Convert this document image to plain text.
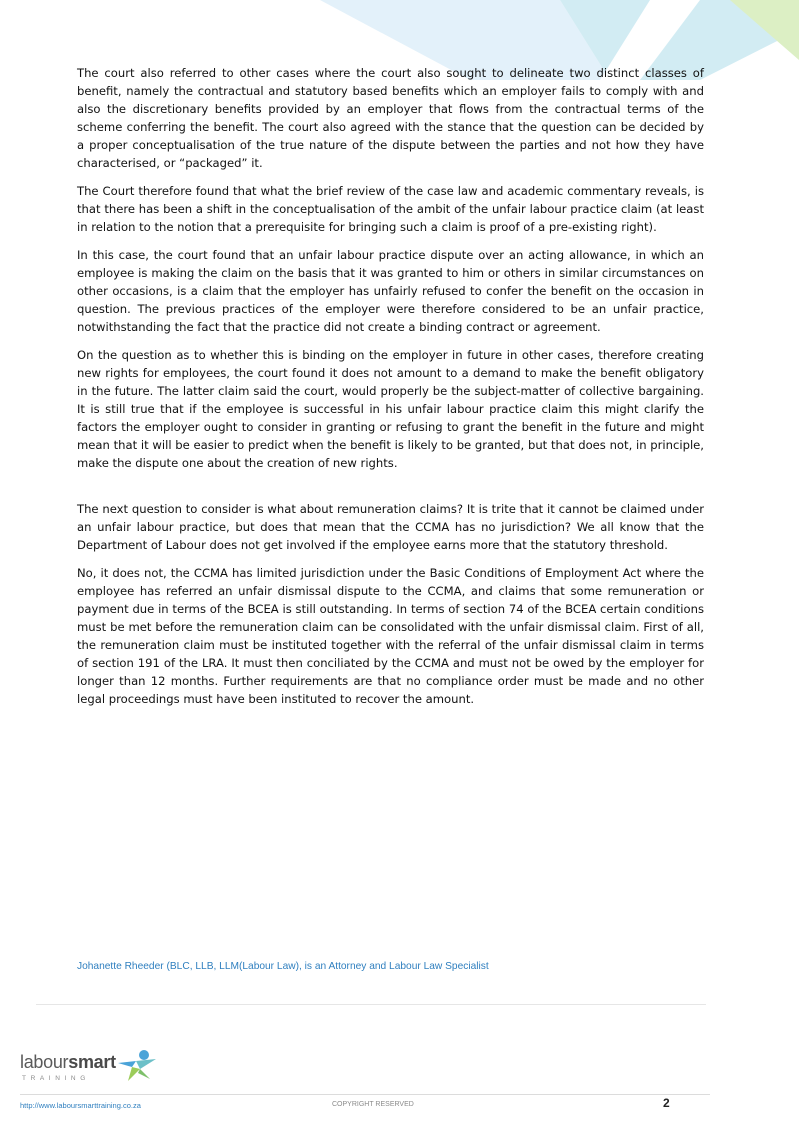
The court also referred to other cases where the court also sought to delineate two distinct classes of benefit, namely the contractual and statutory based benefits which an employer fails to comply with and also the discretionary benefits provided by an employer that flows from the contractual terms of the scheme conferring the benefit. The court also agreed with the stance that the question can be decided by a proper conceptualisation of the true nature of the dispute between the parties and not how they have characterised, or “packaged” it.

The Court therefore found that what the brief review of the case law and academic commentary reveals, is that there has been a shift in the conceptualisation of the ambit of the unfair labour practice claim (at least in relation to the notion that a prerequisite for bringing such a claim is proof of a pre-existing right).

In this case, the court found that an unfair labour practice dispute over an acting allowance, in which an employee is making the claim on the basis that it was granted to him or others in similar circumstances on other occasions, is a claim that the employer has unfairly refused to confer the benefit on the occasion in question. The previous practices of the employer were therefore considered to be an unfair practice, notwithstanding the fact that the practice did not create a binding contract or agreement.

On the question as to whether this is binding on the employer in future in other cases, therefore creating new rights for employees, the court found it does not amount to a demand to make the benefit obligatory in the future. The latter claim said the court, would properly be the subject-matter of collective bargaining. It is still true that if the employee is successful in his unfair labour practice claim this might clarify the factors the employer ought to consider in granting or refusing to grant the benefit in the future and might mean that it will be easier to predict when the benefit is likely to be granted, but that does not, in principle, make the dispute one about the creation of new rights.

The next question to consider is what about remuneration claims? It is trite that it cannot be claimed under an unfair labour practice, but does that mean that the CCMA has no jurisdiction? We all know that the Department of Labour does not get involved if the employee earns more that the statutory threshold.

No, it does not, the CCMA has limited jurisdiction under the Basic Conditions of Employment Act where the employee has referred an unfair dismissal dispute to the CCMA, and claims that some remuneration or payment due in terms of the BCEA is still outstanding. In terms of section 74 of the BCEA certain conditions must be met before the remuneration claim can be consolidated with the unfair dismissal claim. First of all, the remuneration claim must be instituted together with the referral of the unfair dismissal claim in terms of section 191 of the LRA. It must then conciliated by the CCMA and must not be owed by the employer for longer than 12 months. Further requirements are that no compliance order must be made and no other legal proceedings must have been instituted to recover the amount.

Johanette Rheeder (BLC, LLB, LLM(Labour Law), is an Attorney and Labour Law Specialist
laboursmart
TRAINING
http://www.laboursmarttraining.co.za	COPYRIGHT RESERVED	2
